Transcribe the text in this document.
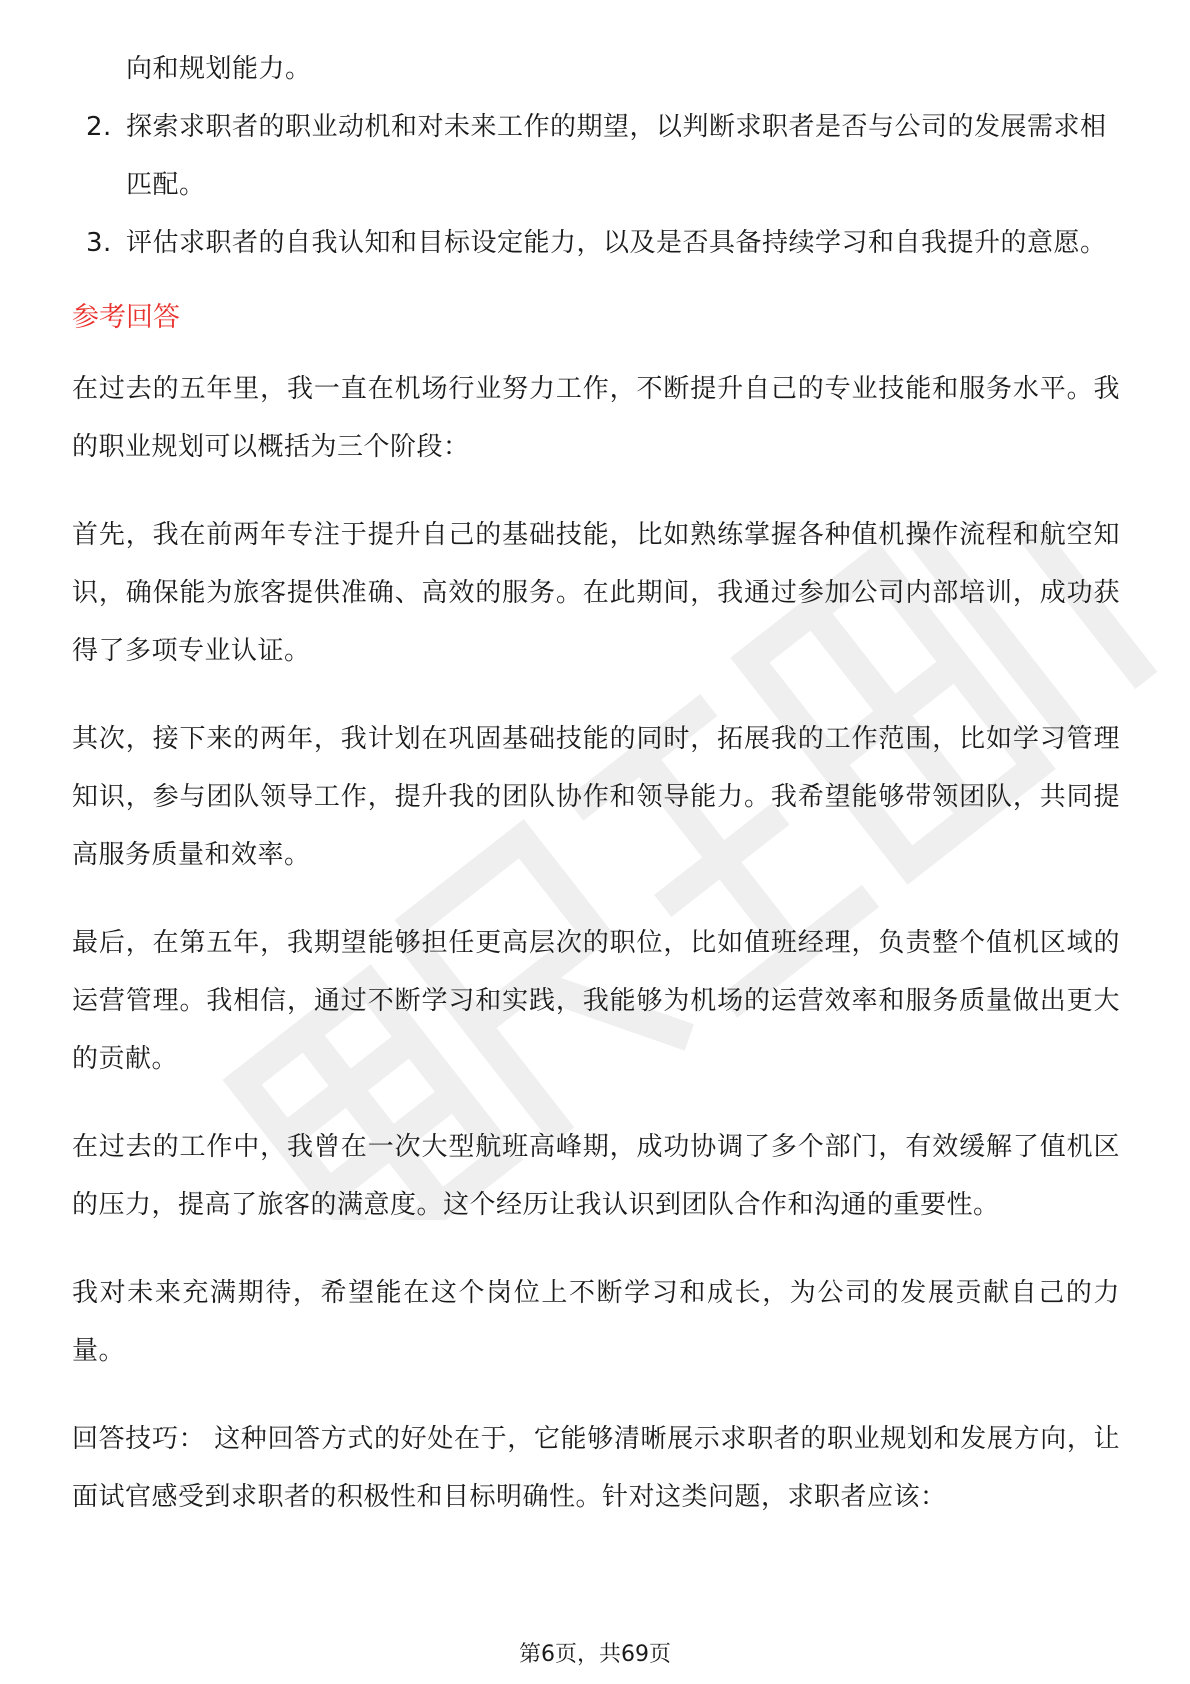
向和规划能力。
2. 探索求职者的职业动机和对未来工作的期望，以判断求职者是否与公司的发展需求相匹配。
3. 评估求职者的自我认知和目标设定能力，以及是否具备持续学习和自我提升的意愿。
参考回答

在过去的五年里，我一直在机场行业努力工作，不断提升自己的专业技能和服务水平。我的职业规划可以概括为三个阶段：

首先，我在前两年专注于提升自己的基础技能，比如熟练掌握各种值机操作流程和航空知识，确保能为旅客提供准确、高效的服务。在此期间，我通过参加公司内部培训，成功获得了多项专业认证。

其次，接下来的两年，我计划在巩固基础技能的同时，拓展我的工作范围，比如学习管理知识，参与团队领导工作，提升我的团队协作和领导能力。我希望能够带领团队，共同提高服务质量和效率。

最后，在第五年，我期望能够担任更高层次的职位，比如值班经理，负责整个值机区域的运营管理。我相信，通过不断学习和实践，我能够为机场的运营效率和服务质量做出更大的贡献。

在过去的工作中，我曾在一次大型航班高峰期，成功协调了多个部门，有效缓解了值机区的压力，提高了旅客的满意度。这个经历让我认识到团队合作和沟通的重要性。

我对未来充满期待，希望能在这个岗位上不断学习和成长，为公司的发展贡献自己的力量。

回答技巧： 这种回答方式的好处在于，它能够清晰展示求职者的职业规划和发展方向，让面试官感受到求职者的积极性和目标明确性。针对这类问题，求职者应该：

第6页，共69页
